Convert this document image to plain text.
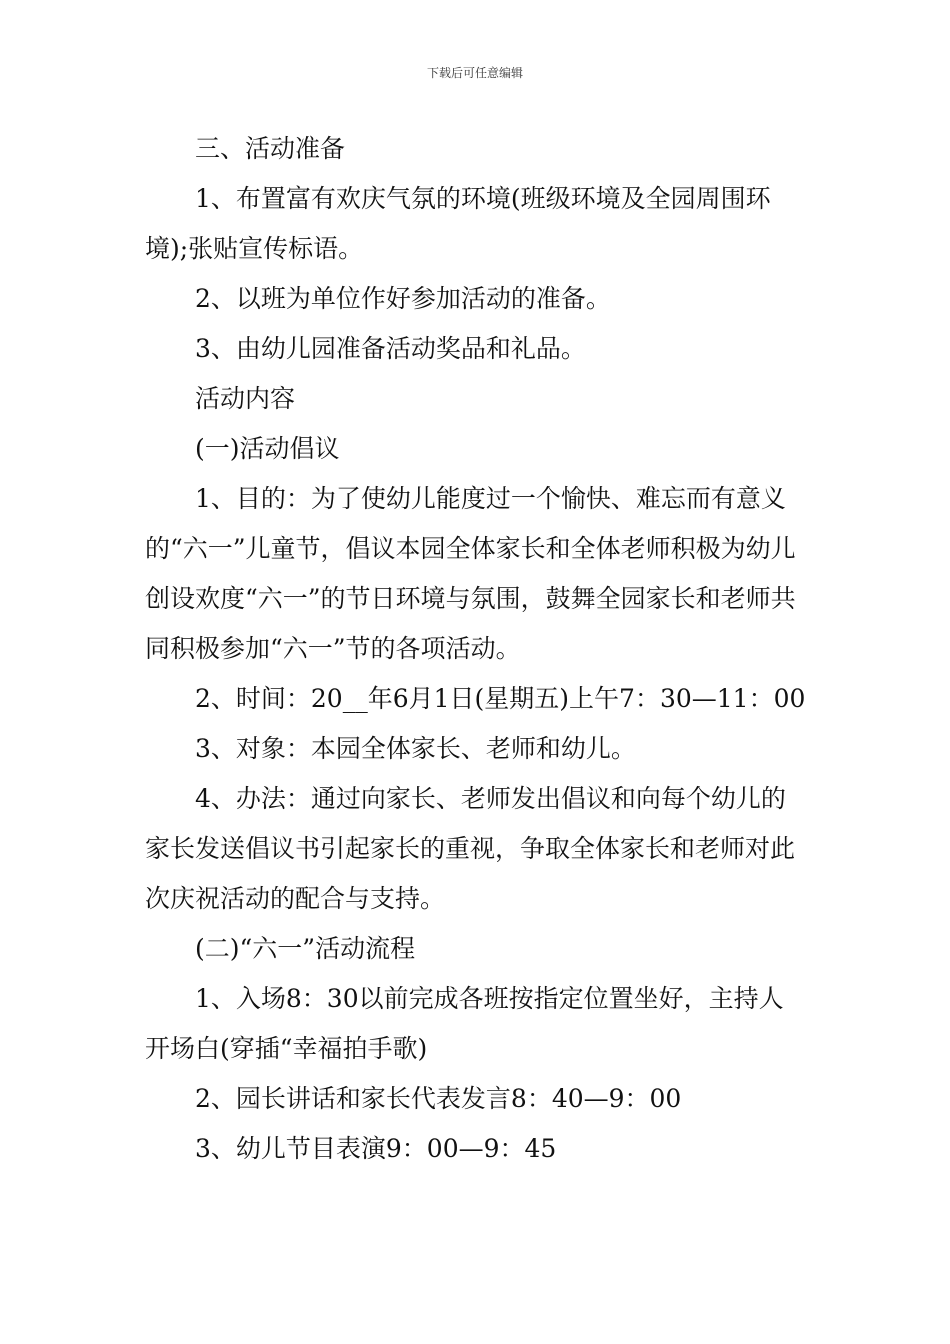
下载后可任意编辑

三、活动准备

1、布置富有欢庆气氛的环境(班级环境及全园周围环境);张贴宣传标语。

2、以班为单位作好参加活动的准备。

3、由幼儿园准备活动奖品和礼品。

活动内容

(一)活动倡议

1、目的：为了使幼儿能度过一个愉快、难忘而有意义的“六一”儿童节，倡议本园全体家长和全体老师积极为幼儿创设欢度“六一”的节日环境与氛围，鼓舞全园家长和老师共同积极参加“六一”节的各项活动。

2、时间：20__年6月1日(星期五)上午7：30—11：00

3、对象：本园全体家长、老师和幼儿。

4、办法：通过向家长、老师发出倡议和向每个幼儿的家长发送倡议书引起家长的重视，争取全体家长和老师对此次庆祝活动的配合与支持。

(二)“六一”活动流程

1、入场8：30以前完成各班按指定位置坐好，主持人开场白(穿插“幸福拍手歌)

2、园长讲话和家长代表发言8：40—9：00

3、幼儿节目表演9：00—9：45
